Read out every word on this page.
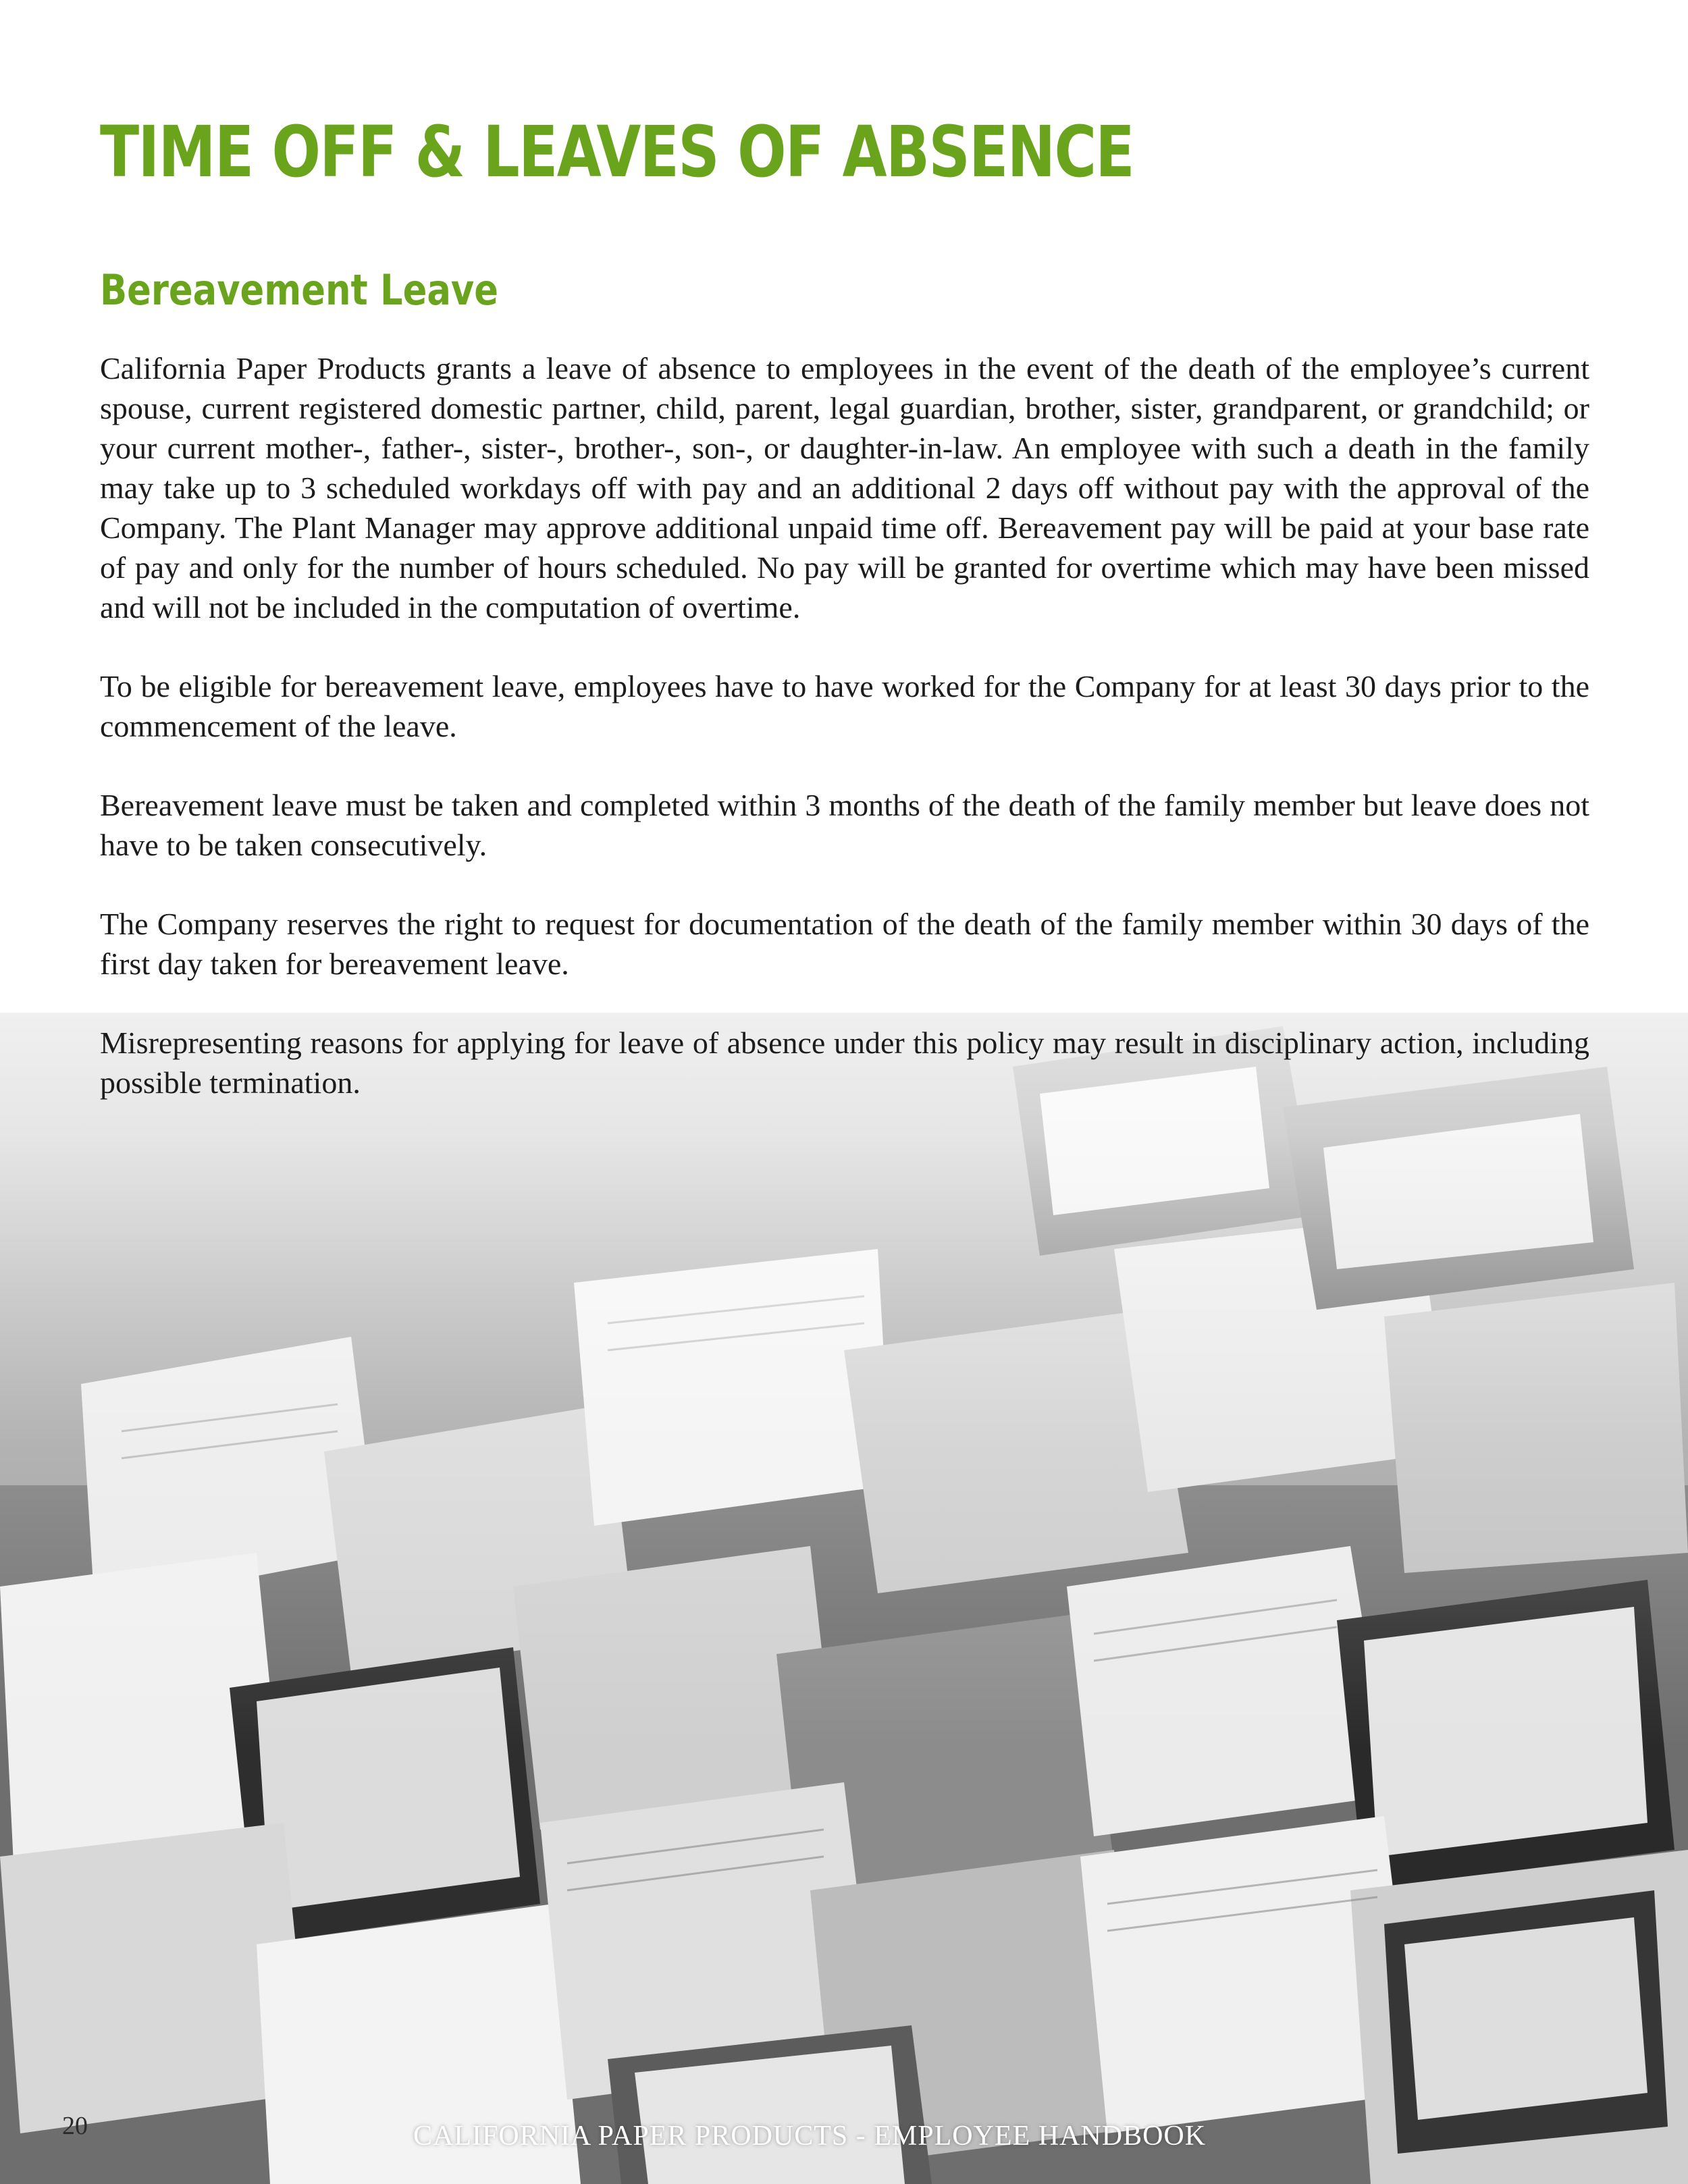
TIME OFF & LEAVES OF ABSENCE
Bereavement Leave

California Paper Products grants a leave of absence to employees in the event of the death of the employee’s current spouse, current registered domestic partner, child, parent, legal guardian, brother, sister, grandparent, or grandchild; or your current mother-, father-, sister-, brother-, son-, or daughter-in-law. An employee with such a death in the family may take up to 3 scheduled workdays off with pay and an additional 2 days off without pay with the approval of the Company. The Plant Manager may approve additional unpaid time off. Bereavement pay will be paid at your base rate of pay and only for the number of hours scheduled. No pay will be granted for overtime which may have been missed and will not be included in the computation of overtime.

To be eligible for bereavement leave, employees have to have worked for the Company for at least 30 days prior to the commencement of the leave.

Bereavement leave must be taken and completed within 3 months of the death of the family member but leave does not have to be taken consecutively.

The Company reserves the right to request for documentation of the death of the family member within 30 days of the first day taken for bereavement leave.

Misrepresenting reasons for applying for leave of absence under this policy may result in disciplinary action, including possible termination.

20	CALIFORNIA PAPER PRODUCTS - EMPLOYEE HANDBOOK
